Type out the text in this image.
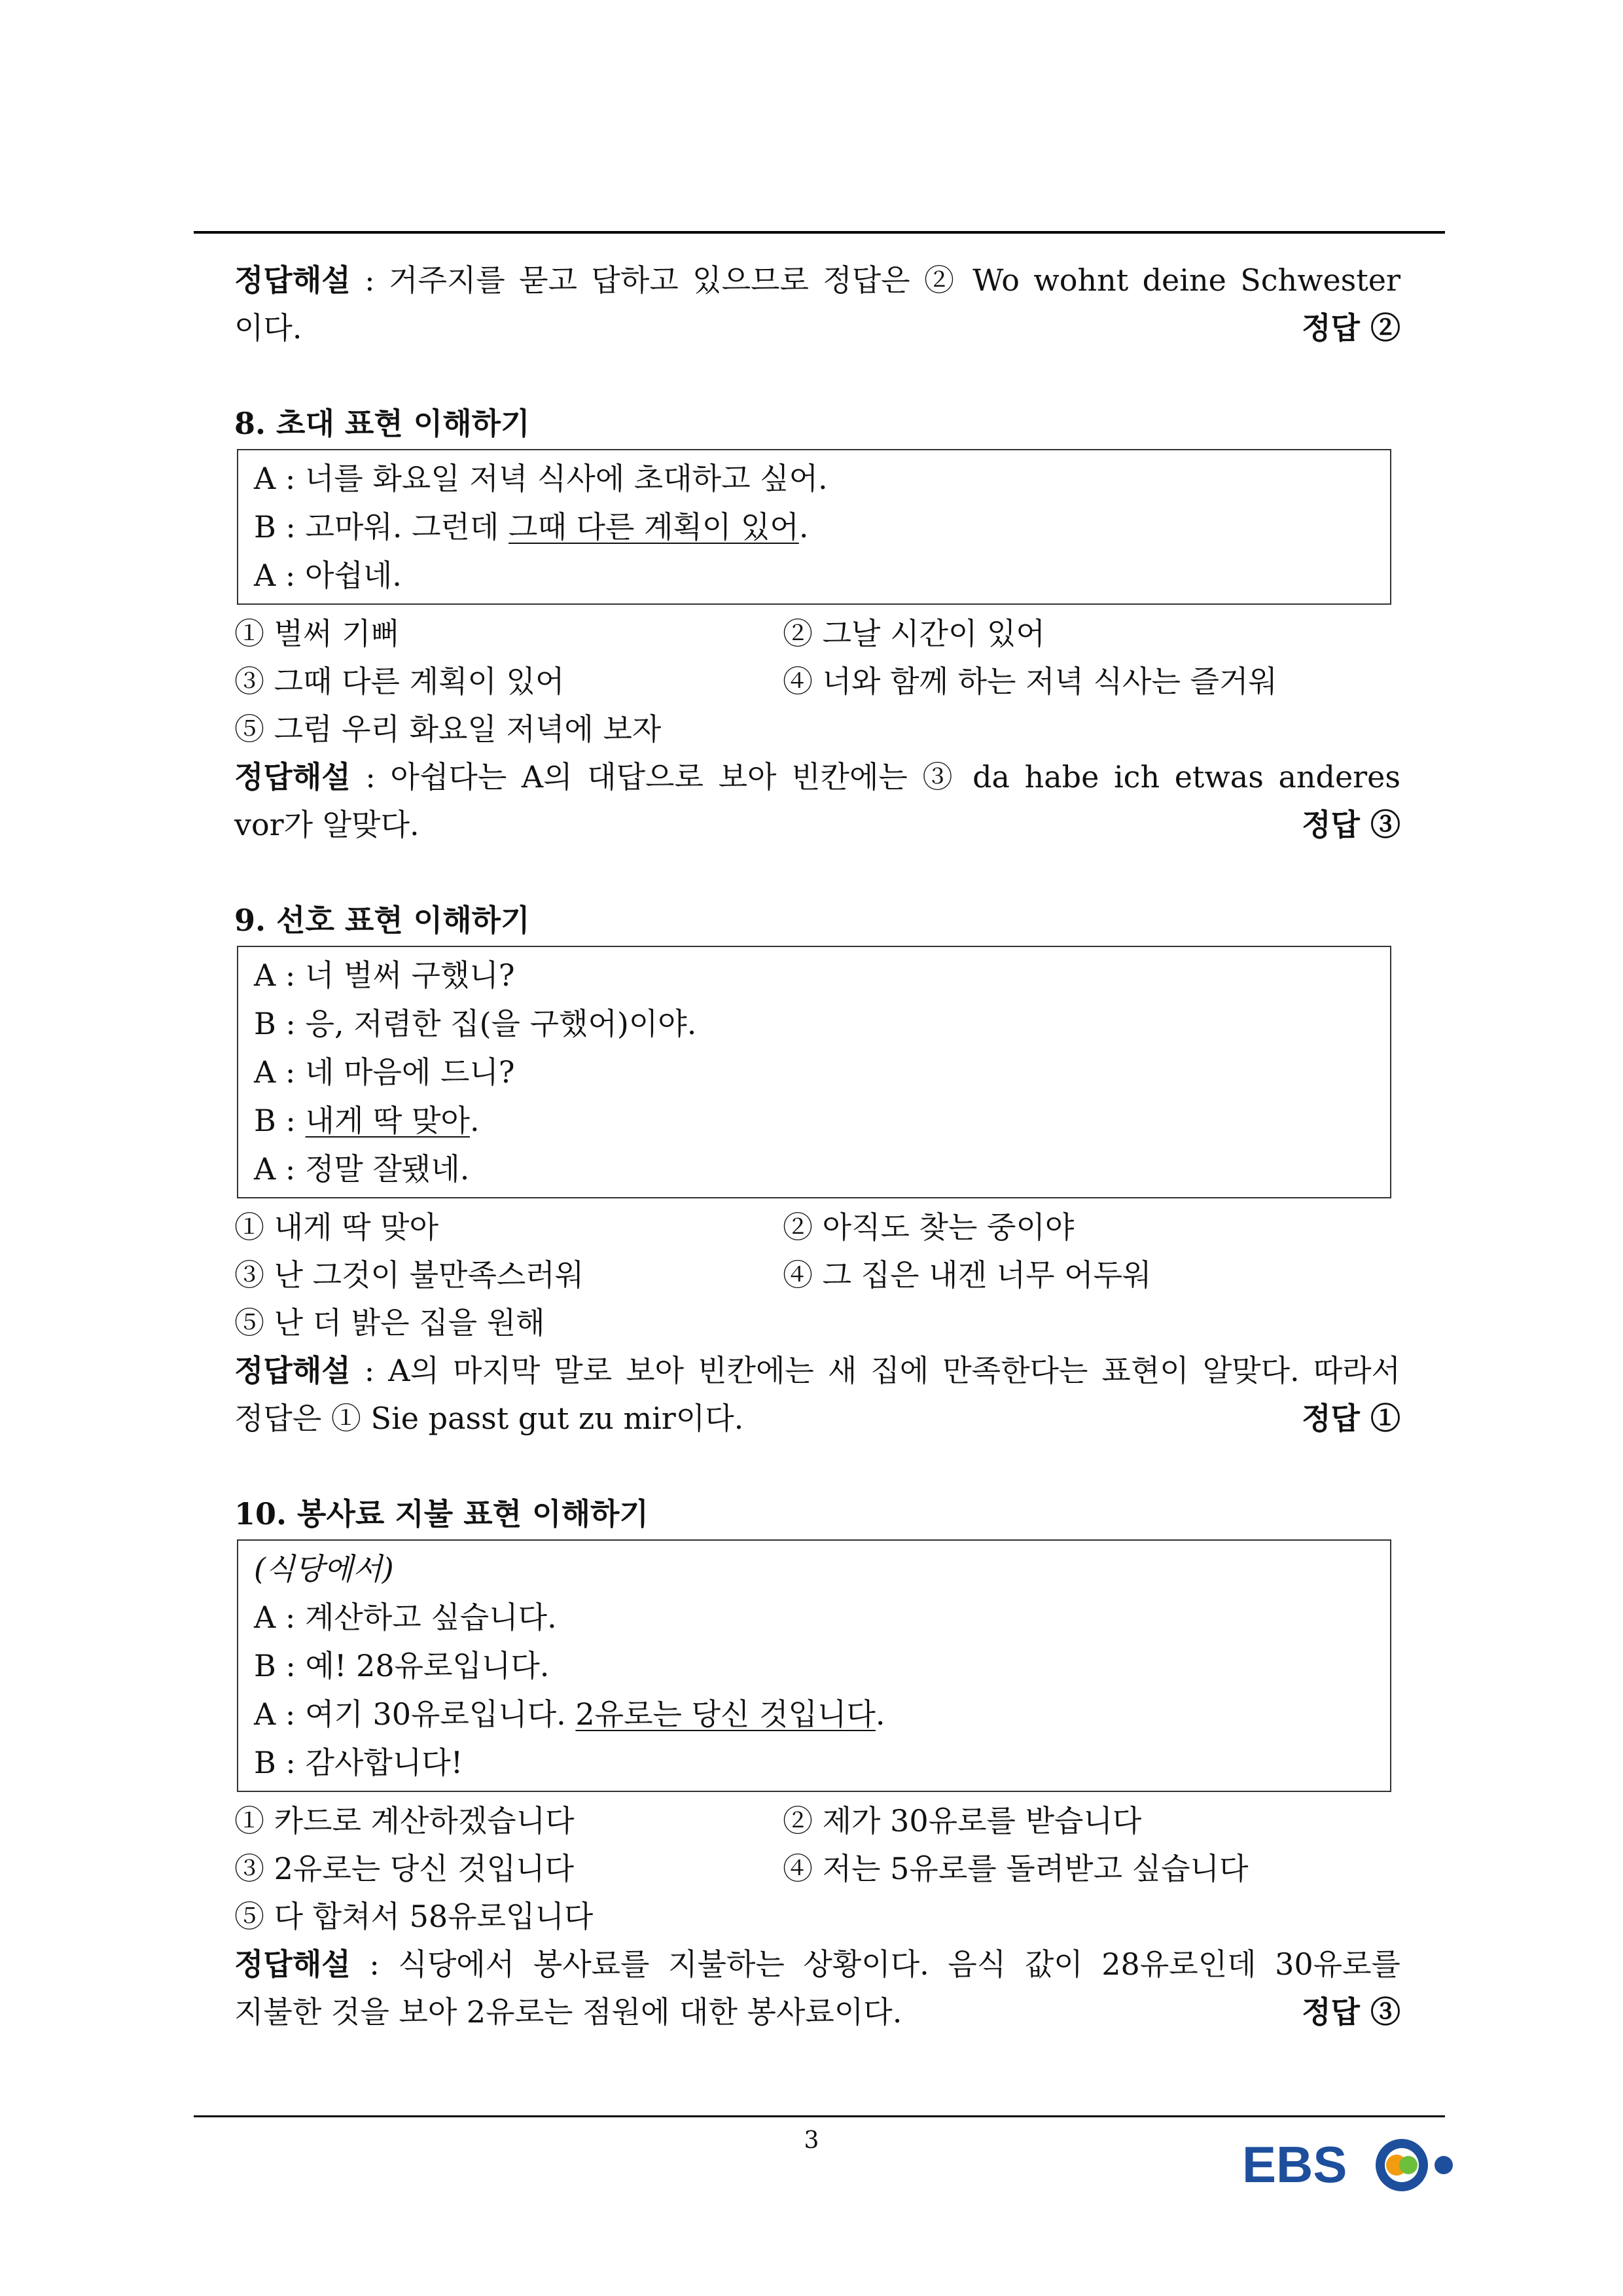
정답해설 : 거주지를 묻고 답하고 있으므로 정답은 ② Wo wohnt deine Schwester
이다.	정답 ②
8. 초대 표현 이해하기
A : 너를 화요일 저녁 식사에 초대하고 싶어.
B : 고마워. 그런데 그때 다른 계획이 있어.
A : 아쉽네.
① 벌써 기뻐	② 그날 시간이 있어
③ 그때 다른 계획이 있어	④ 너와 함께 하는 저녁 식사는 즐거워
⑤ 그럼 우리 화요일 저녁에 보자
정답해설 : 아쉽다는 A의 대답으로 보아 빈칸에는 ③ da habe ich etwas anderes
vor가 알맞다.	정답 ③
9. 선호 표현 이해하기
A : 너 벌써 구했니?
B : 응, 저렴한 집(을 구했어)이야.
A : 네 마음에 드니?
B : 내게 딱 맞아.
A : 정말 잘됐네.
① 내게 딱 맞아	② 아직도 찾는 중이야
③ 난 그것이 불만족스러워	④ 그 집은 내겐 너무 어두워
⑤ 난 더 밝은 집을 원해
정답해설 : A의 마지막 말로 보아 빈칸에는 새 집에 만족한다는 표현이 알맞다. 따라서
정답은 ① Sie passt gut zu mir이다.	정답 ①
10. 봉사료 지불 표현 이해하기
(식당에서)
A : 계산하고 싶습니다.
B : 예! 28유로입니다.
A : 여기 30유로입니다. 2유로는 당신 것입니다.
B : 감사합니다!
① 카드로 계산하겠습니다	② 제가 30유로를 받습니다
③ 2유로는 당신 것입니다	④ 저는 5유로를 돌려받고 싶습니다
⑤ 다 합쳐서 58유로입니다
정답해설 : 식당에서 봉사료를 지불하는 상황이다. 음식 값이 28유로인데 30유로를
지불한 것을 보아 2유로는 점원에 대한 봉사료이다.	정답 ③
3	EBS
